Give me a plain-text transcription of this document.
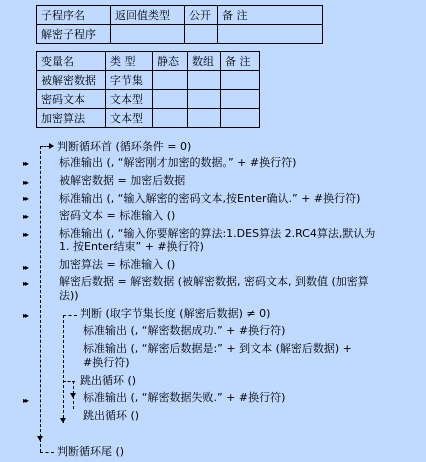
子程序名	返回值类型	公开	备 注
解密子程序			
变量名	类 型	静态	数组	备 注
被解密数据	字节集			
密码文本	文本型			
加密算法	文本型			
▸▸
▸▸
▸▸
▸▸
▸▸
▸▸
▸▸
▸▸
▸▸
判断循环首 (循环条件 = 0)
标准输出 (, “解密刚才加密的数据。” + #换行符)
被解密数据 = 加密后数据
标准输出 (, “输入解密的密码文本,按Enter确认.” + #换行符)
密码文本 = 标准输入 ()
标准输出 (, “输入你要解密的算法:1.DES算法 2.RC4算法,默认为
1. 按Enter结束” + #换行符)
加密算法 = 标准输入 ()
解密后数据 = 解密数据 (被解密数据, 密码文本, 到数值 (加密算
法))
判断 (取字节集长度 (解密后数据) ≠ 0)
标准输出 (, “解密数据成功.” + #换行符)
标准输出 (, “解密后数据是:” + 到文本 (解密后数据) +
#换行符)
跳出循环 ()
标准输出 (, “解密数据失败.” + #换行符)
跳出循环 ()
判断循环尾 ()
